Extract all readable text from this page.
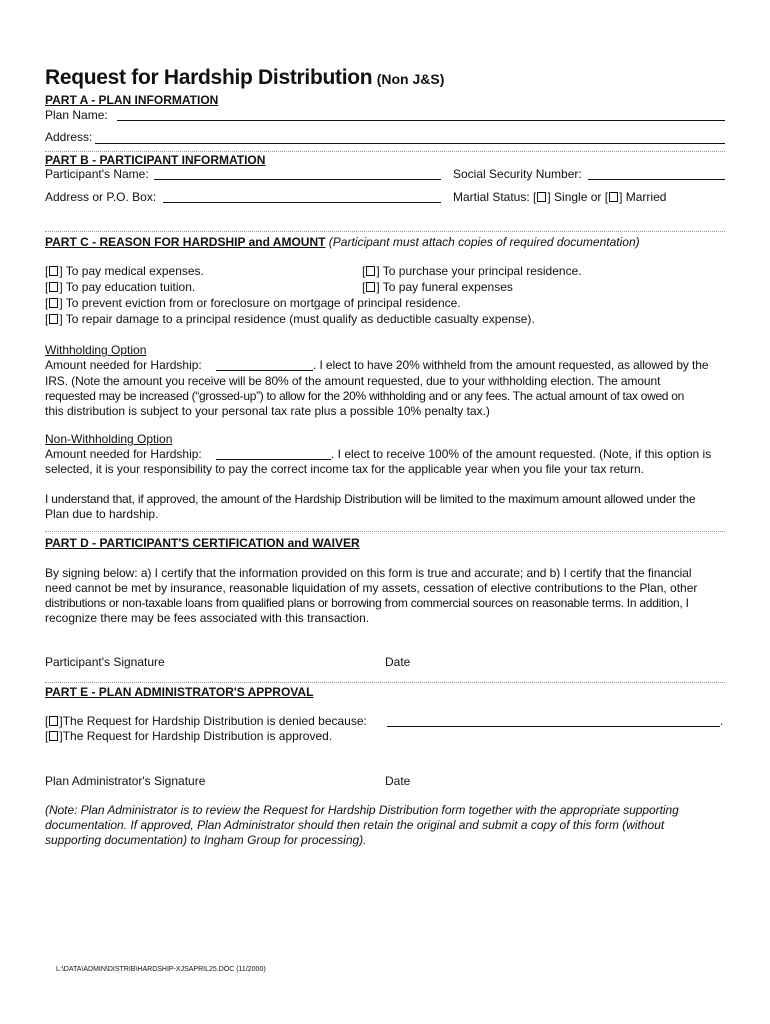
Request for Hardship Distribution (Non J&S)
PART A - PLAN INFORMATION
Plan Name:
Address:
PART B - PARTICIPANT INFORMATION
Participant's Name:	Social Security Number:
Address or P.O. Box:	Martial Status: [ ] Single or [ ] Married
PART C - REASON FOR HARDSHIP and AMOUNT (Participant must attach copies of required documentation)
[ ] To pay medical expenses.	[ ] To purchase your principal residence.
[ ] To pay education tuition.	[ ] To pay funeral expenses
[ ] To prevent eviction from or foreclosure on mortgage of principal residence.
[ ] To repair damage to a principal residence (must qualify as deductible casualty expense).
Withholding Option
Amount needed for Hardship:	. I elect to have 20% withheld from the amount requested, as allowed by the
IRS. (Note the amount you receive will be 80% of the amount requested, due to your withholding election. The amount
requested may be increased (“grossed-up”) to allow for the 20% withholding and or any fees. The actual amount of tax owed on
this distribution is subject to your personal tax rate plus a possible 10% penalty tax.)
Non-Withholding Option
Amount needed for Hardship:	. I elect to receive 100% of the amount requested. (Note, if this option is
selected, it is your responsibility to pay the correct income tax for the applicable year when you file your tax return.
I understand that, if approved, the amount of the Hardship Distribution will be limited to the maximum amount allowed under the
Plan due to hardship.
PART D - PARTICIPANT'S CERTIFICATION and WAIVER
By signing below: a) I certify that the information provided on this form is true and accurate; and b) I certify that the financial
need cannot be met by insurance, reasonable liquidation of my assets, cessation of elective contributions to the Plan, other
distributions or non-taxable loans from qualified plans or borrowing from commercial sources on reasonable terms. In addition, I
recognize there may be fees associated with this transaction.
Participant's Signature	Date
PART E - PLAN ADMINISTRATOR'S APPROVAL
[ ]The Request for Hardship Distribution is denied because:	.
[ ]The Request for Hardship Distribution is approved.
Plan Administrator's Signature	Date
(Note: Plan Administrator is to review the Request for Hardship Distribution form together with the appropriate supporting
documentation. If approved, Plan Administrator should then retain the original and submit a copy of this form (without
supporting documentation) to Ingham Group for processing).
L:\DATA\ADMIN\DISTRIB\HARDSHIP-XJSAPRIL25.DOC (11/2000)
